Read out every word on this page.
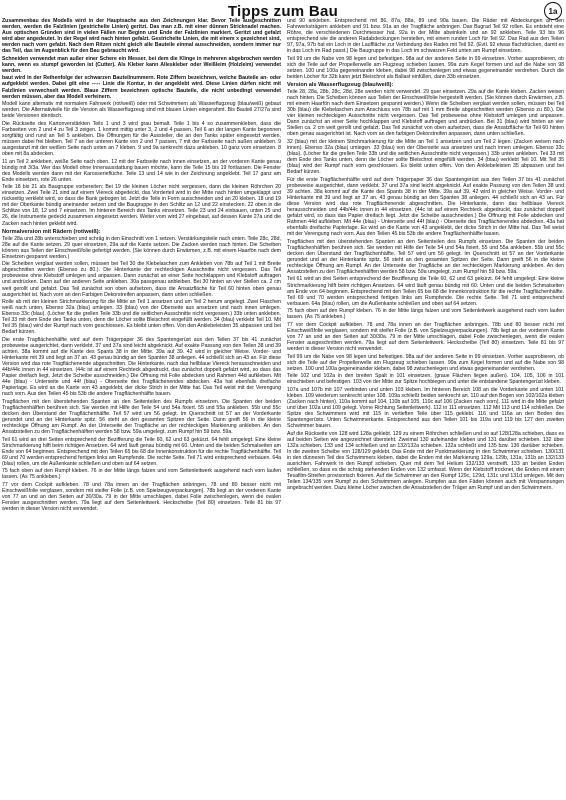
Tipps zum Bau	1a

Zusammenbau des Modells wird in der Hauptsache aus den Zeichnungen klar. Bevor Teile ausgeschnitten werden, werden die Falzlinien (gestrichelte Linien) geritzt. Das man z.B. mit einer dünnen Stricknadel machen. Aus optischen Gründen sind in vielen Fällen nur Beginn und Ende der Falzlinien markiert. Geritzt und gefalzt wird aber angedeutet. In der Regel wird nach hinten gefalzt. Gestrichelte Linien, die mit einem x gezeichnet sind, werden nach vorn gefalzt. Nach dem Ritzen nicht gleich alle Bauteile einmal ausschneiden, sondern immer nur das Teil, das im Augenblick für den Bau gebraucht wird.

Schneiden verwendet man außer einer Schere ein Messer, bei dem die Klinge in mehreren abgebrochen werden kann, wenn es stumpf geworden ist (Cutter). Als Kleber kann Alleskleber oder Weißleim (Holzleim) verwendet werden.

baut wird in der Reihenfolge der schwarzen Bauteilnummern. Rote Ziffern bezeichnen, welche Bauteile an- oder aufgeklebt werden. Dabei gilt eine ----- Linie die Kontur, in der angeklebt wird. Diese Linien dürfen nicht mit Falzlinien verwechselt werden. Blaue Ziffern bezeichnen optische Bauteile, die nicht unbedingt verwendet werden müssen, aber das Modell verfeinern.

Modell kann alternativ mit normalem Fahrwerk (rot/weiß) oder mit Schwimmern als Wasserflugzeug (blau/weiß) gebaut werden. Die Alternativteile für die Version als Wasserflugzeug sind mit blauen Linien eingerahmt. Bis Bauteil 27/27a sind beide Versionen identisch.

Die Rückseite des Kartonverstärkten Teils 1 und 3 wird grau bemalt. Teile 1 bis 4 so zusammenkleben, dass die Farbseiten von 2 und 4 zu Teil 3 zeigen. 1 kommt mittig unter 3, 2 und 4 passen. Teil 6 an der langen Kante begonnen sorgfältig und rund an Teil 5 ankleben. Die Öffnungen für die Aussteller, die an den Tanks später eingesetzt werden, müssen dabei frei bleiben. Teil 7 an der unteren Kante von 2 und 7 passen, 7 mit der Farbseite nach außen ankleben. 9 ausgestanzt mit der weißen Seite nach unten an 7 kleben. 9 und 9a senkrecht dazu ankleben. 10 ganz vorn einsetzen. 8 oben mit 8a abdecken.

11 an Teil 2 ankleben, weiße Seite nach oben. 12 mit der Farbseite nach innen einsetzen, an der vorderen Kante genau bündig mit 3/3a. Wer das Modell ohne Innenausstattung bauen möchte, kann die Teile 15 bis 19 fortlassen. Die Fenster des Modells werden dann mit der Karosserieflüche. Teile 13 und 14 wie in der Zeichnung angeklebt. Teil 17 ganz am Ende einsetzen, rote 26 unten.

Teile 18 bis 21 als Baugruppe vorbereiten: Bei 19 die kleinen Löcher nicht vergessen, dann die kleinen Röhrchen 20 einsetzen. Zwei Teile 21 sind auf einem Viereck abgedeckt, das Vorderteil wird in der Mitte nach hinten umgeklappt und rückseitig verklebt wird, so dass die Bank gebogen ist. Jetzt die Teile in Form ausschneiden und an 20 kleben. 18 und 19 mit der Oberkante bündig aneinander setzen und die Baugruppe in den Schlitz an 12 und 22 einstecken. 22 oben in die Schlitze von 18, 12 und 7 einsetzen. Im hinteren Bereich des Tanks einsetzen. Teile 23 und 24 einbauen, unten 25 und 26, die Instrumente gedeckt zusammen eingesetzt werden. Weiter vorn wird 27 eingebaut, auf dessen Kante 27a und die Zacken nach hinten geklebt wird.

Normalversion mit Rädern (rot/weiß):

Teile 28a und 28b unterschieben und schräg in den Einschnitt von 1 setzen. Verstärkungsteile nach unten. Teile 28c, 28d, 28e auf die Kante setzen. 29 quer einsetzen, 29a auf die Kante setzen. Die Zacken werden nach hinten. Die Scheiben können aus Teilen der Einschweißfolie gefertigt werden. (Sie können durch Erwärmen, z.B. mit einem Haarfön nach dem Einsetzen gespannt werden.)

Die Scheiben verglast werden sollen, müssen bei Teil 30 die Klebelaschen zum Ankleben von 78b auf Teil 1 mit Breite abgeschnitten werden (Ebenso zu 80.). Die Hinterkante der rechteckigen Ausschnitte nicht vergessen. Das Teil probeweise ohne Klebstoff umlegen und anpassen. Dann zunächst an einer Seite hochklappen und Klebstoff auftragen und andrücken. Dann auf der anderen Seite ankleben. 30a passgenau anbleiben. Bei 30 hinten an vier Stellen ca. 2 cm weit gerollt und gefalzt. Das Teil zunächst von oben aufsetzen, dass die Ansatzfläche für Teil 60 hinten oben genau ausgerichtet ist. Nach vorn an den Farbigen Dekorstreifen anpassen, dann unten schließen.

Rolle ab mit der kleinen Strichmarkierung für die Mitte an Teil 1 ansetzen und um Teil 2 herum angelegt. Zwei Flaschen weiß nach unten, Ebenso 32a (blau) umlegen. 33 (blau) von der Oberseite aus ansetzen und nach innen umlegen. Ebenso 33c (blau). (Löcher für die grellen Teile 33b und die seitlichen Ausschnitte nicht vergessen.) 33b unten ankleben. Teil 33 mit dem Ende des Tanks unten, denn die Löcher sollte Bleischrot eingefüllt werden. 34 (blau) verklebt Teil 10. Mit Teil 35 (blau) wird der Rumpf nach vorn geschlossen. Es bleibt unten offen. Von den Anklebeleisten 35 abpassen und bei Bedarf kürzen.

Die erste Tragflächenhälfte wird auf dem Trägerpaper 36 des Spantengerüst aus den Teilen 37 bis 41 zunächst probeweise ausgerichtet, dann verklebt. 37 und 37a sind leicht abgeknickt. Auf exakte Passung von den Teilen 38 und 39 achten. 38a kommt auf die Kante des Spants 38 in der Mitte. 39a auf 39. 42 wird in gleicher Weise. Vorder- und Hinterkante mit 39 und liegt an 37 an. 43 genau bündig an den Spanten 38 anliegen. 44 schließt sich an 43 an. Für diese Version wird das rote Tragflächenende abgeschnitten. Die Hinterkante, nach das hellblaue Viereck herausschneiden und 44b/44c innen in 44 einsetzen. (44c ist auf einem Rechteck abgedruckt, das zunächst doppelt gefalzt wird, so dass das Papier dreifach liegt. Jetzt die Scheibe ausschneiden.) Die Öffnung mit Folie abdecken und Rahmen 44d aufkleben. Mit 44e (blau) - Unterseite und 44f (blau) - Oberseite des Tragflächenendes abdecken. 43a hat ebenfalls dreifache Papierlage. Es wird an die Kante von 43 angeklebt, der dicke Strich in der Mitte hat. Das Teil weist mit der Verengung nach vorn. Aus den Teilen 45 bis 53b die andere Tragflächenhälfte bauen.

Tragflächen mit den überstehenden Spanten an den Seitenteilen des Rumpfs einsetzen. Die Spanten der beiden Tragflächenhälften berühren sich. Sie werden mit Hilfe der Teile 54 und 54a fixiert. 55 und 55a ankleben. 55b und 55c decken den Überstand der Tragflächenhälfte. Teil 57 wird um 56 gelegt. Im Querschnitt ist 57 an der Vorderkante gerundet und an der Hinterkante spitz. 56 steht an den gesamten Spitzen der Seite. Dann greift 56 in die kleine rechteckige Öffnung am Rumpf. An der Unterseite der Tragfläche an der rechteckigen Markierung ankleben. An den Ansatzstellen zu den Tragflächenhälften werden 58 bzw. 59a umgelegt, zum Rumpf hin 59 bzw. 59a.

Teil 61 wird an drei Seiten entsprechend der Bezifferung die Teile 60, 62 und 63 gekürzt. 64 fehlt umgelegt. Eine kleine Strichmarkierung hilft beim richtigen Ansetzen. 64 wird läuft genau bündig mit 60. Unten und die beiden Schmalseiten am Ende von 64 beginnen. Entsprechend mit den Teilen 65 bis 68 die Innenkonstruktion für die rechte Tragflächenhälfte. Teil 69 und 70 werden entsprechend fertigen links am Rumpfende. Die rechte Seite. Teil 71 wird entsprechend verbauen. 64a (blau) rollen, um die Außenkante schließen und oben auf 64 setzen.

75 fach oben auf den Rumpf kleben. 76 in der Mitte längs falzen und vom Seitenleitwerk ausgehend nach vorn laufen lassen. (As 75 ankleben.)

77 vor dem Cockpit aufkleben. 78 und 78a innen an der Tragflächen anbringen. 78 und 80 besser nicht mit Einschweißfolie verglasen, sondern mit steifer Folie (z.B. von Spielzeugverpackungen). 78b liegt an der vorderen Kante von 77 an und an den Seiten auf 30/30a. 79 in der Mitte umschlagen, dabei Folie zwischenlegen, wenn die ovalen Fenster ausgeschnitten werden. 79a liegt auf dem Seitenleitwerk. Heckscheibe (Teil 80) einsetzen. Teile 81 bis 97 werden in dieser Version nicht verwendet.

und 90 ankleben. Entsprechend mit 86, 87a, 88a, 89 und 90a bauen. Die Räder mit Abdeckungen an den Fahrwerksträgern ankleben und 91 bzw. 91a an der Tragfläche anbringen. Das Bugrad Teil 92 rollen. Es entsteht eine Röhre, die verschiedenen Durchmesser hat. 92a in der Mitte abwinkeln und an 92 ankleben. Teile 93 bis 96 entsprechend wie die anderen Radabdeckungen herstellen, mit einem runden Loch für Teil 92. Das Rad aus den Teilen 97, 97a, 97b hat ein Loch in der Lauffläche zur Verbindung des Rades mit Teil 92. (Evtl. 92 etwas flachdrücken, damit es in das Loch im Rad passt.) Die Baugruppe in das Loch im schwarzen Feld unten am Rumpf einsetzen.

Teil 99 um die Nabe von 98 legen und befestigen. 98a auf der anderen Seite in 99 einsetzen. Vorher ausprobieren, ob sich die Teile auf der Propellerwelle am Flugzeug schieben lassen. 99a zum Kegel formen und auf die Nabe von 98 setzen. 100 und 100a gegeneinander kleben, dabei 98 zwischenlegen und etwas gegeneinander verdrehen. Durch die beiden Löcher für 32b kann jetzt Bleischrot als Ballast einfüllen, dann 33b einsetzen.

Version als Wasserflugzeug (blau/weiß):

Teile 28, 28a, 28b, 28c, 28d, 28e werden nicht verwendet. 29 quer einsetzen. 29a auf die Kante kleben. Zacken weisen nach hinten. Die Scheiben können aus Teilen der Einschweißfolie hergestellt werden. (Sie können durch Erwärmen, z.B. mit einem Haarfön nach dem Einsetzen gespannt werden.) Wenn die Scheiben verglast werden sollen, müssen bei Teil 30b (blau) die Klebelaschen zum Anschluss von 78b auf mit 1 mm Breite abgeschnitten werden (Ebenso zu 80.). Die vier kleinen rechteckigen Ausschnitte nicht vergessen. Das Teil probeweise ohne Klebstoff umlegen und anpassen. Dann zunächst an einer Seite hochklappen und Klebstoff auftragen und andrücken. Bei 31 (blau) wird hinten an vier Stellen ca. 2 cm weit gerollt und gefalzt. Das Teil zunächst von oben aufsetzen, dass die Ansatzfläche für Teil 60 hinten oben genau ausgerichtet ist. Nach vorn an den farbigen Dekorstreifen anpassen, dann unten schließen.

32 (blau) mit der kleinen Strichmarkierung für die Mitte an Teil 1 ansetzen und um Teil 2 legen. (Zacken weisen nach innen). Ebenso 32a (blau) umlegen. 33 (blau) von der Oberseite aus ansetzen und nach innen umlegen. Ebenso 33c (blau). (Löcher für die grellen Teile 33b und die seitlichen Ausschnitte nicht vergessen.) 33b unten ankleben. Teil 33 mit dem Ende des Tanks unten, denn die Löcher sollte Bleischrot eingefüllt werden. 34 (blau) verklebt Teil 10. Mit Teil 35 (blau) wird der Rumpf nach vorn geschlossen. Es bleibt unten offen. Von den Anklebeleisten 35 abpassen und bei Bedarf kürzen.

Für die erste Tragflächenhälfte wird auf dem Trägerpaper 36 das Spantengerüst aus den Teilen 37 bis 41 zunächst probeweise ausgerichtet, dann verklebt. 37 und 37a sind leicht abgeknickt. Auf exakte Passung von den Teilen 38 und 39 achten. 38a kommt auf die Kante des Spants 38 in der Mitte. 39a auf 39. 42 wird in gleicher Weise. Vorder- und Hinterkante mit 39 und liegt an 37 an. 43 genau bündig an den Spanten 38 anliegen. 44 schließt sich an 43 an. Für diese Version wird das rote Tragflächenende abgeschnitten. Die Hinterkante, dann das hellblaue Viereck herausschneiden und 44b/44c innen in 44 einsetzen. (44c ist auf einem Rechteck abgedruckt, das zunächst doppelt gefalzt wird, so dass das Papier dreifach liegt. Jetzt die Scheibe ausschneiden.) Die Öffnung mit Folie abdecken und Rahmen 44d aufkleben. Mit 44e (blau) - Unterseite und 44f (blau) - Oberseite des Tragflächenendes abdecken. 43a hat ebenfalls dreifache Papierlage. Es wird an die Kante von 43 angeklebt, der dicke Strich in der Mitte hat. Das Teil weist mit der Verengung nach vorn. Aus den Teilen 45 bis 53b die andere Tragflächenhälfte bauen.

Tragflächen mit den überstehenden Spanten an den Seitenteilen des Rumpfs einsetzen. Die Spanten der beiden Tragflächenhälften berühren sich. Sie werden mit Hilfe der Teile 54 und 54a fixiert. 55 und 55a ankleben. 55b und 55c decken den Überstand der Tragflächenhälfte. Teil 57 wird um 56 gelegt. Im Querschnitt ist 57 an der Vorderkante gerundet und an der Hinterkante spitz. 56 steht an den gesamten Spitzen der Seite. Dann greift 56 in die kleine rechteckige Öffnung am Rumpf. An der Unterseite der Tragfläche an der rechteckigen Markierung ankleben. An den Ansatzstellen zu den Tragflächenhälften werden 58 bzw. 59a umgelegt, zum Rumpf hin 59 bzw. 59a.

Teil 61 wird an drei Seiten entsprechend der Bezifferung die Teile 60, 62 und 63 gekürzt. 64 fehlt umgelegt. Eine kleine Strichmarkierung hilft beim richtigen Ansetzen. 64 wird läuft genau bündig mit 60. Unten und die beiden Schmalseiten am Ende von 64 beginnen. Entsprechend mit den Teilen 65 bis 68 die Innenkonstruktion für die rechte Tragflächenhälfte. Teil 69 und 70 werden entsprechend fertigen links am Rumpfende. Die rechte Seite. Teil 71 wird entsprechend verbauen. 64a (blau) rollen, um die Außenkante schließen und oben auf 64 setzen.

75 fach oben auf den Rumpf kleben. 76 in der Mitte längs falzen und vom Seitenleitwerk ausgehend nach vorn laufen lassen. (As 75 ankleben.)

77 vor dem Cockpit aufkleben. 78 und 78a innen an der Tragflächen anbringen. 78b und 80 besser nicht mit Einschweißfolie verglasen, sondern mit steifer Folie (z.B. von Spielzeugverpackungen). 78b liegt an der vorderen Kante von 77 an und an den Seiten auf 30/30a. 79 in der Mitte umschlagen, dabei Folie zwischenlegen, wenn die ovalen Fenster ausgeschnitten werden. 79a liegt auf dem Seitenleitwerk. Heckscheibe (Teil 80) einsetzen. Teile 81 bis 97 werden in dieser Version nicht verwendet.

Teil 99 um die Nabe von 98 legen und befestigen. 98a auf der anderen Seite in 99 einsetzen. Vorher ausprobieren, ob sich die Teile auf der Propellerwelle am Flugzeug schieben lassen. 99a zum Kegel formen und auf die Nabe von 98 setzen. 100 und 100a gegeneinander kleben, dabei 98 zwischenlegen und etwas gegeneinander verdrehen.

Teile 102 und 102a in den breiten Spalt in 101 einsetzen. (graue Flächen liegen außen). 104, 105, 106 in 101 einschieben und befestigen. 103 von der Mitte zur Spitze hochbiegen und unter die entstandene Spantengerüst kleben.

107a und 107b mit 107 verbinden und unten 103 kleben. Im hinteren Bereich 108 an die Vorderkante und unten 101 kleben. 109 wiederum senkrecht unter 108. 109a schließt beiden senkrecht an. 110 auf den Bogen von 102/102a kleben (Zacken nach hinten). 110a kommt auf 104, 110b auf 105, 110c auf 106 (Zacken nach vorn). 111 wird in die Mitte gefalzt und über 102a und 109 gelegt. Vorne Richtung Seitenleitwerk). 112 in 111 einsetzen. 112 Mit 113 und 114 schließen. Die Spitze des Schwimmers wird mit 115 in vertieften Teile über 115 geklebt. 116 und 116a an den Boden des Spantengerüsts. Unten Schwimmerkante. Entsprechend aus den Teilen 101 bis 119a und 119 bis 127 den zweiten Schwimmer bauen.

Auf die Rückseite von 128 wird 128a geklebt. 129 zu einem Röhrchen schließen und so auf 128/128a schieben, dass es auf beiden Seiten wie angezeichnet übersteht. Zweimal 130 aufeinander kleben und 131 darüber schieben. 132 über 132a schieben. 133 und 134 schließen und an 132/132a schieben. 132a schließt und 135 bzw. 136 dariüber schieben. In die zweiten Scheibe von 128/129 geklebt. Das Ende mit der Punktmarkierung in den Schwimmer schieben. 130/131 in den dünneren Teil des Schwimmers kleben, dabei die Enden mit der Markierung 129a, 129b, 131a, 131b an 132/133 ausrichten. Fahrwerk in den Rumpf schieben. Quer mit dem Teil Helium 132/133 verstreift. 133 an beiden Enden schließen, so dass es die schräg stehenden Enden von 132 umfasst. Wenn der Klebstoff trocknet, die Enden mit einem Tesafilm-Streifen provisorisch fixieren. Auf die Schwimmer an den Rumpf 129c, 129d, 131c und 131d umlegen. Mit den Teilen 134/135 vom Rumpf zu den Schwimmern anlegen. Rumpfen aus den Fäden können auch mit Verspannungen angebracht werden. Dazu kleine Löcher zwischen die Ansatzstellen der Träger am Rumpf und an den Schwimmern.
